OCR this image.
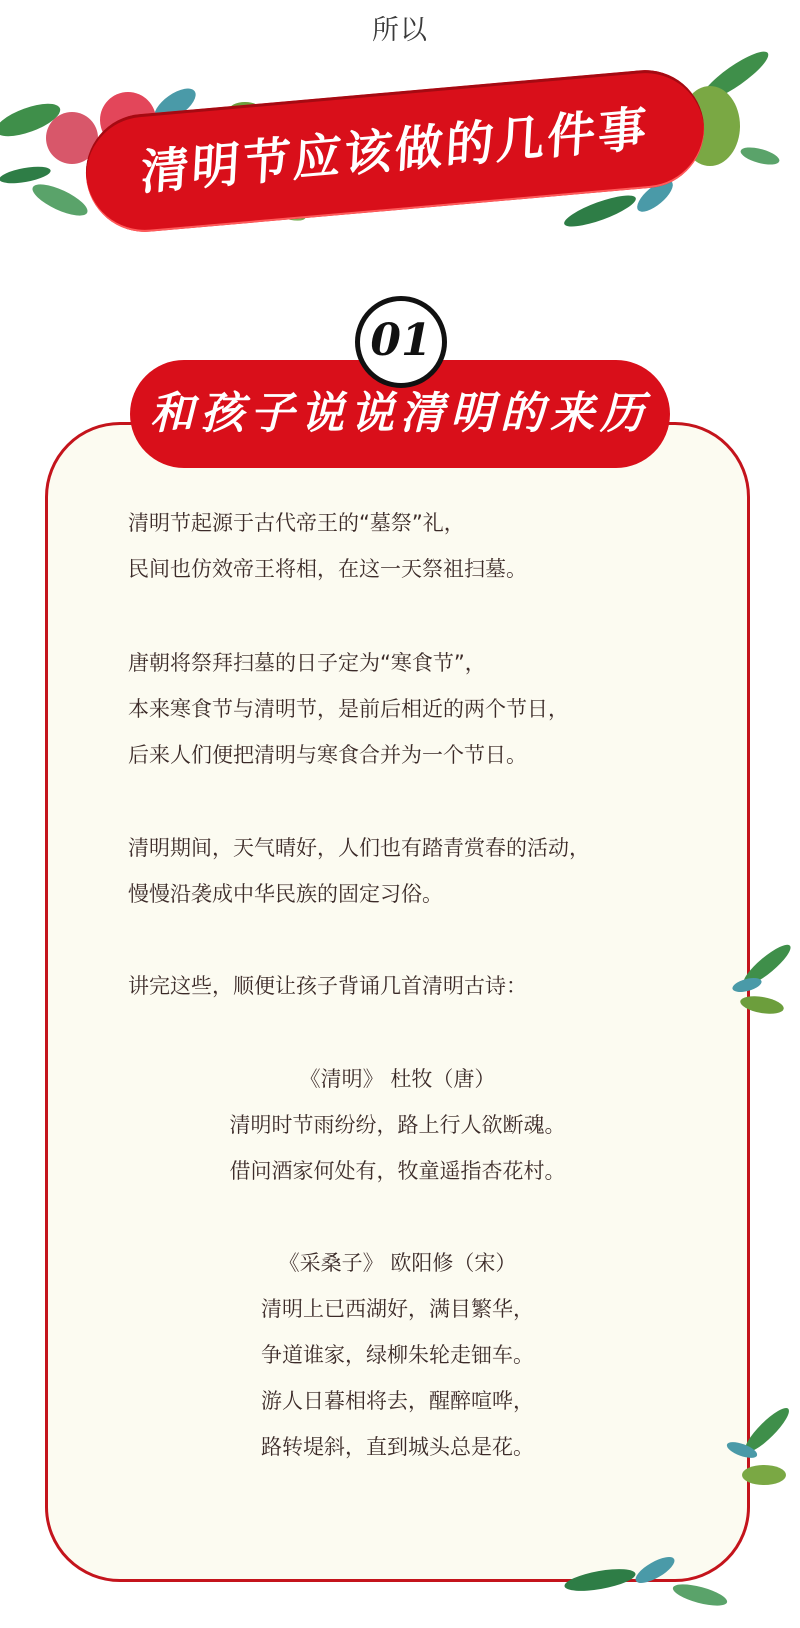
所以
清明节应该做的几件事
01
和孩子说说清明的来历
清明节起源于古代帝王的“墓祭”礼，
民间也仿效帝王将相，在这一天祭祖扫墓。
唐朝将祭拜扫墓的日子定为“寒食节”，
本来寒食节与清明节，是前后相近的两个节日，
后来人们便把清明与寒食合并为一个节日。
清明期间，天气晴好，人们也有踏青赏春的活动，
慢慢沿袭成中华民族的固定习俗。
讲完这些，顺便让孩子背诵几首清明古诗：
《清明》 杜牧（唐）
清明时节雨纷纷，路上行人欲断魂。
借问酒家何处有，牧童遥指杏花村。
《采桑子》 欧阳修（宋）
清明上已西湖好，满目繁华，
争道谁家，绿柳朱轮走钿车。
游人日暮相将去，醒醉喧哗，
路转堤斜，直到城头总是花。
